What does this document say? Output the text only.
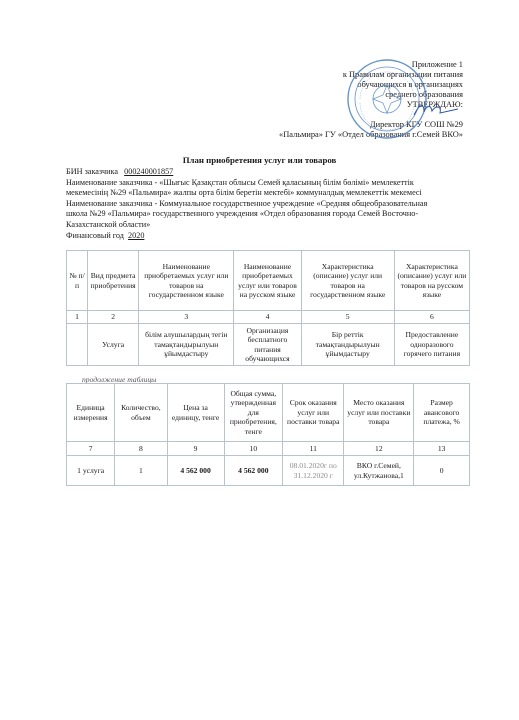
Приложение 1
к Правилам организации питания
обучающихся в организациях
среднего образования
УТВЕРЖДАЮ:
Директор КГУ СОШ №29
«Пальмира» ГУ «Отдел образования г.Семей ВКО»
План приобретения услуг или товаров
БИН заказчика 000240001857
Наименование заказчика - «Шығыс Қазақстан облысы Семей қаласының білім бөлімі» мемлекеттік
мекемесінің №29 «Пальмира» жалпы орта білім беретін мектебі» коммуналдық мемлекеттік мекемесі
Наименование заказчика - Коммунальное государственное учреждение «Средняя общеобразовательная
школа №29 «Пальмира» государственного учреждения «Отдел образования города Семей Восточно-
Казахстанской области»
Финансовый год 2020
№ п/п	Вид предмета приобретения	Наименование приобретаемых услуг или товаров на государственном языке	Наименование приобретаемых услуг или товаров на русском языке	Характеристика (описание) услуг или товаров на государственном языке	Характеристика (описание) услуг или товаров на русском языке
1	2	3	4	5	6
	Услуга	білім алушылардың тегін тамақтандырылуын ұйымдастыру	Организация бесплатного питания обучающихся	Бір реттік тамақтандырылуын ұйымдастыру	Предоставление одноразового горячего питания
продолжение таблицы
Единица измерения	Количество, объем	Цена за единицу, тенге	Общая сумма, утвержденная для приобретения, тенге	Срок оказания услуг или поставки товара	Место оказания услуг или поставки товара	Размер авансового платежа, %
7	8	9	10	11	12	13
1 услуга	1	4 562 000	4 562 000	08.01.2020г по 31.12.2020 г	ВКО г.Семей, ул.Кутжанова,1	0
